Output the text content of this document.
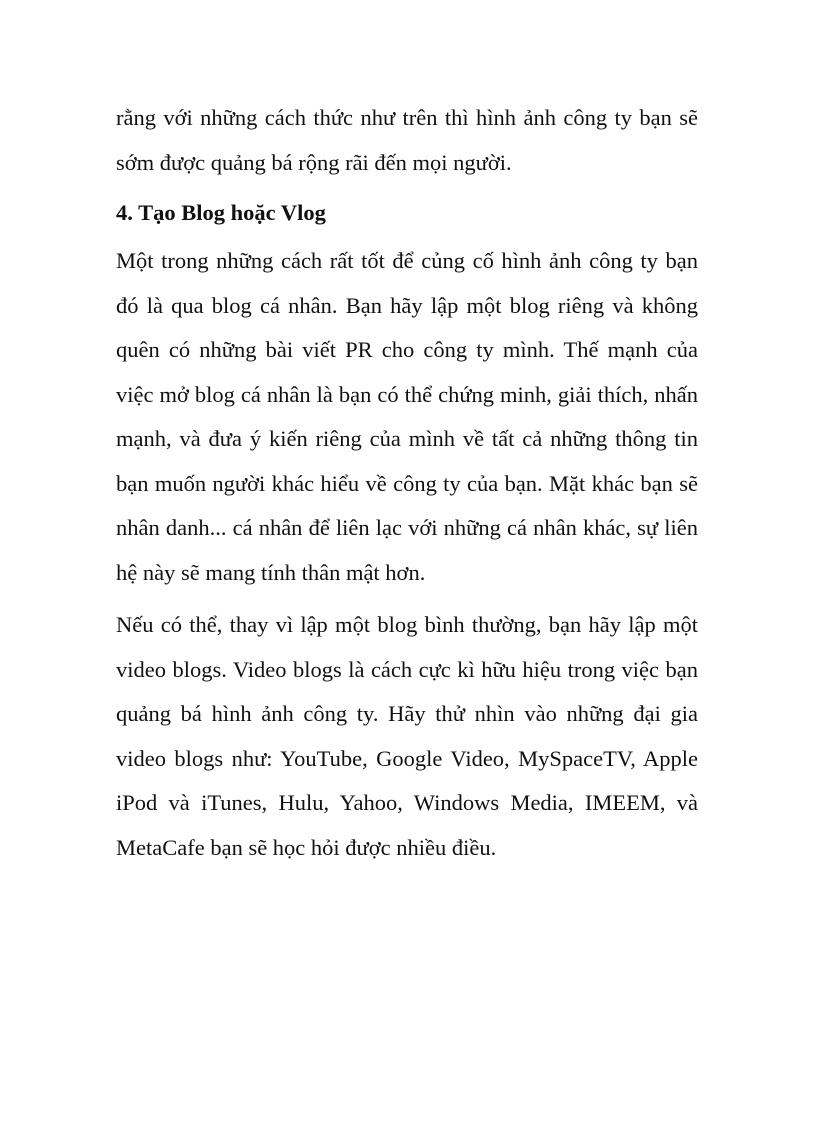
rằng với những cách thức như trên thì hình ảnh công ty bạn sẽ sớm được quảng bá rộng rãi đến mọi người.

4. Tạo Blog hoặc Vlog

Một trong những cách rất tốt để củng cố hình ảnh công ty bạn đó là qua blog cá nhân. Bạn hãy lập một blog riêng và không quên có những bài viết PR cho công ty mình. Thế mạnh của việc mở blog cá nhân là bạn có thể chứng minh, giải thích, nhấn mạnh, và đưa ý kiến riêng của mình về tất cả những thông tin bạn muốn người khác hiểu về công ty của bạn. Mặt khác bạn sẽ nhân danh... cá nhân để liên lạc với những cá nhân khác, sự liên hệ này sẽ mang tính thân mật hơn.

Nếu có thể, thay vì lập một blog bình thường, bạn hãy lập một video blogs. Video blogs là cách cực kì hữu hiệu trong việc bạn quảng bá hình ảnh công ty. Hãy thử nhìn vào những đại gia video blogs như: YouTube, Google Video, MySpaceTV, Apple iPod và iTunes, Hulu, Yahoo, Windows Media, IMEEM, và MetaCafe bạn sẽ học hỏi được nhiều điều.
